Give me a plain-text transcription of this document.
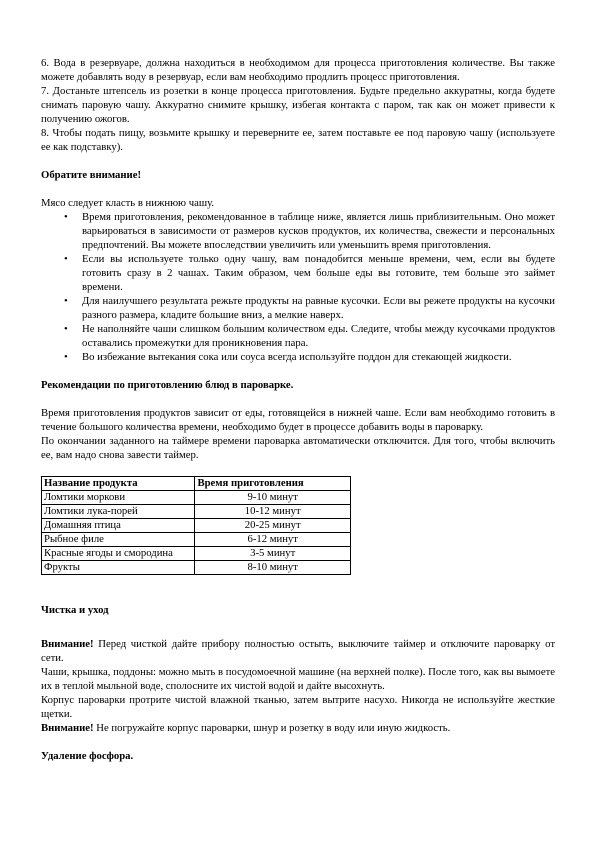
6. Вода в резервуаре, должна находиться в необходимом для процесса приготовления количестве. Вы также можете добавлять воду в резервуар, если вам необходимо продлить процесс приготовления.

7. Достаньте штепсель из розетки в конце процесса приготовления. Будьте предельно аккуратны, когда будете снимать паровую чашу. Аккуратно снимите крышку, избегая контакта с паром, так как он может привести к получению ожогов.

8. Чтобы подать пищу, возьмите крышку и переверните ее, затем поставьте ее под паровую чашу (используете ее как подставку).

Обратите внимание!

Мясо следует класть в нижнюю чашу.

• Время приготовления, рекомендованное в таблице ниже, является лишь приблизительным. Оно может варьироваться в зависимости от размеров кусков продуктов, их количества, свежести и персональных предпочтений. Вы можете впоследствии увеличить или уменьшить время приготовления.
• Если вы используете только одну чашу, вам понадобится меньше времени, чем, если вы будете готовить сразу в 2 чашах. Таким образом, чем больше еды вы готовите, тем больше это займет времени.
• Для наилучшего результата режьте продукты на равные кусочки. Если вы режете продукты на кусочки разного размера, кладите большие вниз, а мелкие наверх.
• Не наполняйте чаши слишком большим количеством еды. Следите, чтобы между кусочками продуктов оставались промежутки для проникновения пара.
• Во избежание вытекания сока или соуса всегда используйте поддон для стекающей жидкости.

Рекомендации по приготовлению блюд в пароварке.

Время приготовления продуктов зависит от еды, готовящейся в нижней чаше. Если вам необходимо готовить в течение большого количества времени, необходимо будет в процессе добавить воды в пароварку.

По окончании заданного на таймере времени пароварка автоматически отключится. Для того, чтобы включить ее, вам надо снова завести таймер.

Название продукта	Время приготовления
Ломтики моркови	9-10 минут
Ломтики лука-порей	10-12 минут
Домашняя птица	20-25 минут
Рыбное филе	6-12 минут
Красные ягоды и смородина	3-5 минут
Фрукты	8-10 минут

Чистка и уход

Внимание! Перед чисткой дайте прибору полностью остыть, выключите таймер и отключите пароварку от сети.

Чаши, крышка, поддоны: можно мыть в посудомоечной машине (на верхней полке). После того, как вы вымоете их в теплой мыльной воде, сполосните их чистой водой и дайте высохнуть.

Корпус пароварки протрите чистой влажной тканью, затем вытрите насухо. Никогда не используйте жесткие щетки.

Внимание! Не погружайте корпус пароварки, шнур и розетку в воду или иную жидкость.

Удаление фосфора.
